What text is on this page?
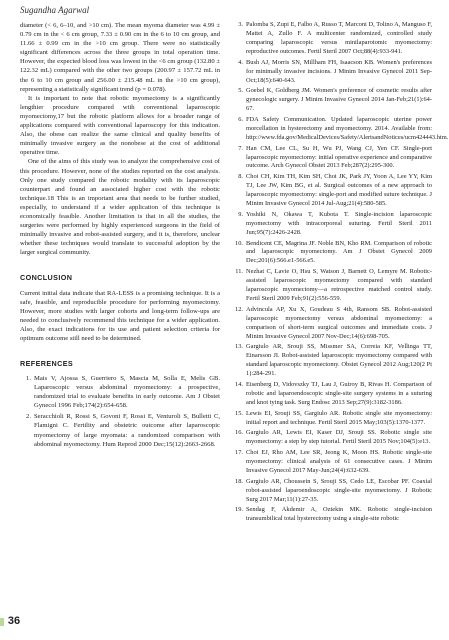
Sugandha Agarwal

diameter (< 6, 6–10, and >10 cm). The mean myoma diameter was 4.99 ± 0.79 cm in the < 6 cm group, 7.33 ± 0.90 cm in the 6 to 10 cm group, and 11.66 ± 0.99 cm in the >10 cm group. There were no statistically significant differences across the three groups in total operation time. However, the expected blood loss was lowest in the <6 cm group (132.80 ± 122.32 mL) compared with the other two groups (200.97 ± 157.72 mL in the 6 to 10 cm group and 256.00 ± 215.48 mL in the >10 cm group), representing a statistically significant trend (p = 0.078).

It is important to note that robotic myomectomy is a significantly lengthier procedure compared with conventional laparoscopic myomectomy,17 but the robotic platform allows for a broader range of applications compared with conventional laparoscopy for this indication. Also, the obese can realize the same clinical and quality benefits of minimally invasive surgery as the nonobese at the cost of additional operative time.

One of the aims of this study was to analyze the comprehensive cost of this procedure. However, none of the studies reported on the cost analysis. Only one study compared the robotic modality with its laparoscopic counterpart and found an associated higher cost with the robotic technique.18 This is an important area that needs to be further studied, especially, to understand if a wider application of this technique is economically feasible. Another limitation is that in all the studies, the surgeries were performed by highly experienced surgeons in the field of minimally invasive and robot-assisted surgery, and it is, therefore, unclear whether these techniques would translate to successful adoption by the larger surgical community.

CONCLUSION

Current initial data indicate that RA-LESS is a promising technique. It is a safe, feasible, and reproducible procedure for performing myomectomy. However, more studies with larger cohorts and long-term follow-ups are needed to conclusively recommend this technique for a wider application. Also, the exact indications for its use and patient selection criteria for optimum outcome still need to be determined.

REFERENCES
1. Mais V, Ajossa S, Guerriero S, Mascia M, Solla E, Melis GB. Laparoscopic versus abdominal myomectomy: a prospective, randomized trial to evaluate benefits in early outcome. Am J Obstet Gynecol 1996 Feb;174(2):654-658.
2. Seracchioli R, Rossi S, Govoni F, Rossi E, Venturoli S, Bulletti C, Flamigni C. Fertility and obstetric outcome after laparoscopic myomectomy of large myomata: a randomized comparison with abdominal myomectomy. Hum Reprod 2000 Dec;15(12):2663-2668.
3. Palomba S, Zupi E, Falbo A, Russo T, Marconi D, Tolino A, Manguso F, Mattei A, Zullo F. A multicenter randomized, controlled study comparing laparoscopic versus minilaparotomic myomectomy: reproductive outcomes. Fertil Steril 2007 Oct;88(4):933-941.
4. Bush AJ, Morris SN, Millham FH, Isaacson KB. Women's preferences for minimally invasive incisions. J Minim Invasive Gynecol 2011 Sep-Oct;18(5):640-643.
5. Goebel K, Goldberg JM. Women's preference of cosmetic results after gynecologic surgery. J Minim Invasive Gynecol 2014 Jan-Feb;21(1):64-67.
6. FDA Safety Communication. Updated laparoscopic uterine power morcellation in hysterectomy and myomectomy. 2014. Available from: http://www.fda.gov/MedicalDevices/Safety/AlertsandNotices/ucm424443.htm.
7. Han CM, Lee CL, Su H, Wu PJ, Wang CJ, Yen CF. Single-port laparoscopic myomectomy: initial operative experience and comparative outcome. Arch Gynecol Obstet 2013 Feb;287(2):295-300.
8. Choi CH, Kim TH, Kim SH, Choi JK, Park JY, Yoon A, Lee YY, Kim TJ, Lee JW, Kim BG, et al. Surgical outcomes of a new approach to laparoscopic myomectomy: single-port and modified suture technique. J Minim Invasive Gynecol 2014 Jul-Aug;21(4):580-585.
9. Yoshiki N, Okawa T, Kubota T. Single-incision laparoscopic myomectomy with intracorporeal suturing. Fertil Steril 2011 Jun;95(7):2426-2428.
10. Bendicent CE, Magrina JF. Noble BN, Kho RM. Comparison of robotic and laparoscopic myomectomy. Am J Obstet Gynecol 2009 Dec;201(6):566.e1-566.e5.
11. Nezhat C, Lavie O, Hsu S, Watson J, Barnett O, Lemyre M. Robotic-assisted laparoscopic myomectomy compared with standard laparoscopic myomectomy—a retrospective matched control study. Fertil Steril 2009 Feb;91(2):556-559.
12. Advincula AP, Xu X, Goudeau S 4th, Ransom SB. Robot-assisted laparoscopic myomectomy versus abdominal myomectomy: a comparison of short-term surgical outcomes and immediate costs. J Minim Invasive Gynecol 2007 Nov-Dec;14(6):698-705.
13. Gargiulo AR, Srouji SS, Missmer SA, Correia KF, Vellinga TT, Einarsson JI. Robot-assisted laparoscopic myomectomy compared with standard laparoscopic myomectomy. Obstet Gynecol 2012 Aug;120(2 Pt 1):284-291.
14. Eisenberg D, Vidovszky TJ, Lau J, Guiroy B, Rivas H. Comparison of robotic and laparoendoscopic single-site surgery systems in a suturing and knot tying task. Surg Endosc 2013 Sep;27(9):3182-3186.
15. Lewis EI, Srouji SS, Gargiulo AR. Robotic single site myomectomy: initial report and technique. Fertil Steril 2015 May;103(5):1370-1377.
16. Gargiulo AR, Lewis EI, Kaser DJ, Srouji SS. Robotic single site myomectomy: a step by step tutorial. Fertil Steril 2015 Nov;104(5):e13.
17. Choi EJ, Rho AM, Lee SR, Jeong K, Moon HS. Robotic single-site myomectomy: clinical analysis of 61 consecutive cases. J Minim Invasive Gynecol 2017 May-Jun;24(4):632-639.
18. Gargiulo AR, Choussein S, Srouji SS, Cedo LE, Escobar PF. Coaxial robot-assisted laparoendoscopic single-site myomectomy. J Robotic Surg 2017 Mar;11(1):27-35.
19. Sendag F, Akdemir A, Oztekin MK. Robotic single-incision transumbilical total hysterectomy using a single-site robotic
36
